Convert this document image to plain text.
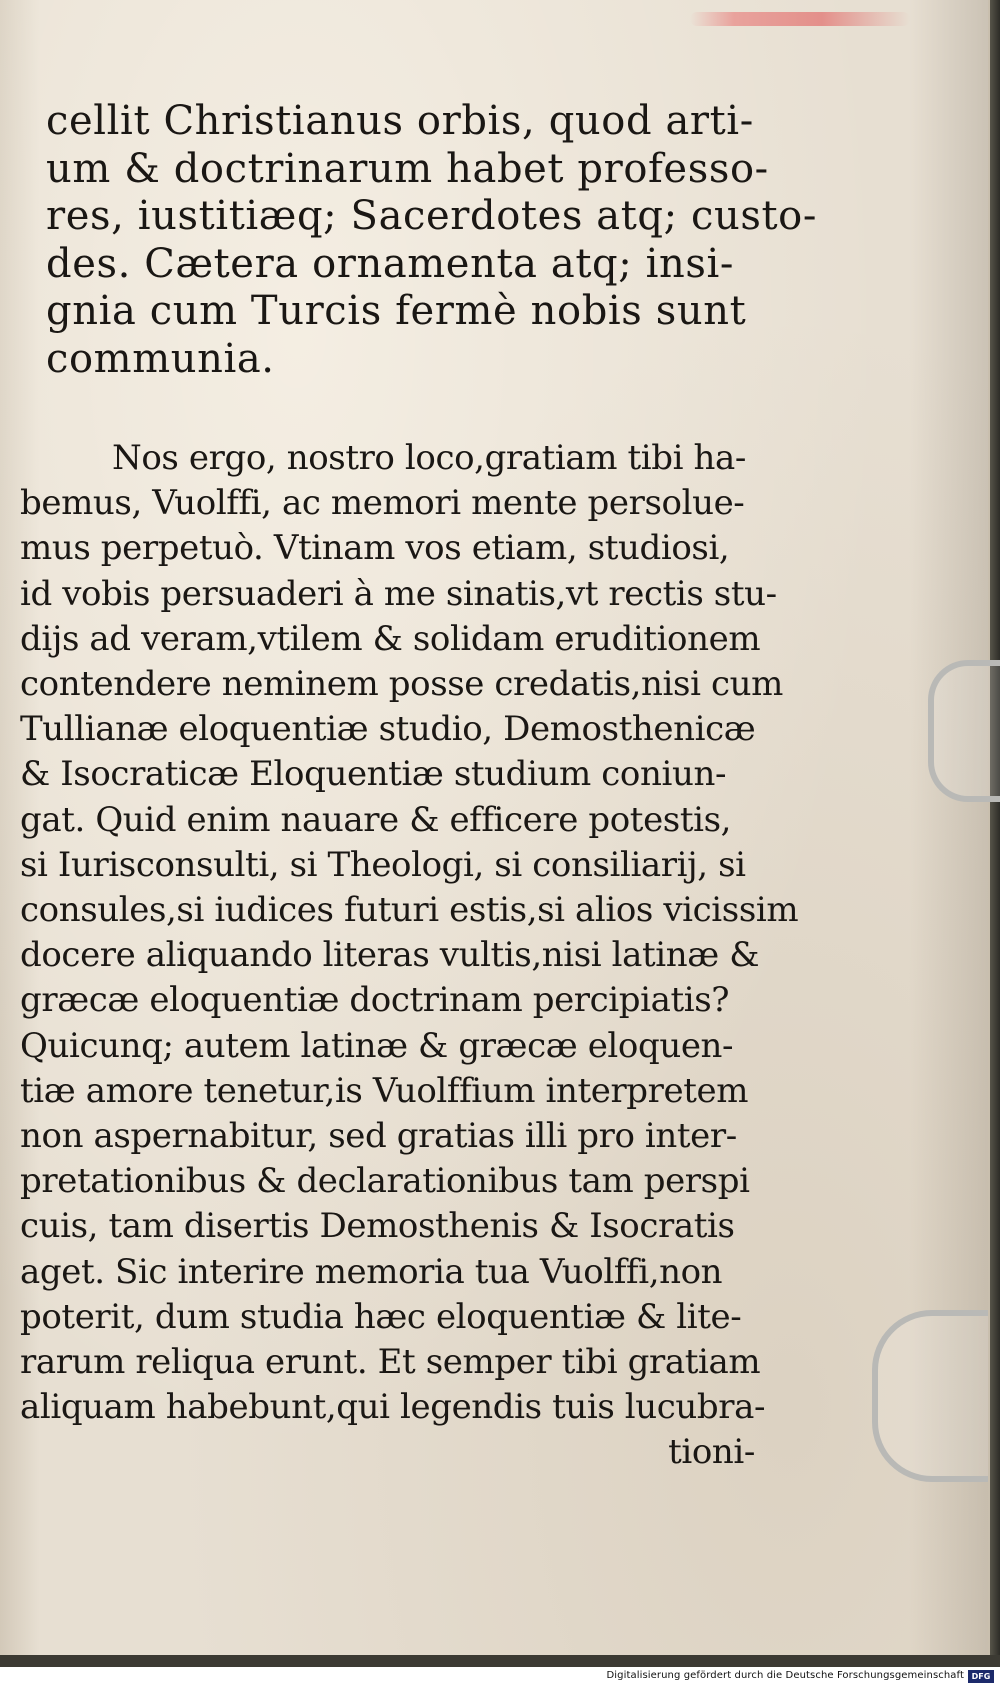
cellit Christianus orbis, quod arti-
um & doctrinarum habet professo-
res, iustitiæq; Sacerdotes atq; custo-
des. Cætera ornamenta atq; insi-
gnia cum Turcis fermè nobis sunt
communia.
Nos ergo, nostro loco,gratiam tibi ha-
bemus, Vuolffi, ac memori mente persolue-
mus perpetuò. Vtinam vos etiam, studiosi,
id vobis persuaderi à me sinatis,vt rectis stu-
dijs ad veram,vtilem & solidam eruditionem
contendere neminem posse credatis,nisi cum
Tullianæ eloquentiæ studio, Demosthenicæ
& Isocraticæ Eloquentiæ studium coniun-
gat. Quid enim nauare & efficere potestis,
si Iurisconsulti, si Theologi, si consiliarij, si
consules,si iudices futuri estis,si alios vicissim
docere aliquando literas vultis,nisi latinæ &
græcæ eloquentiæ doctrinam percipiatis?
Quicunq; autem latinæ & græcæ eloquen-
tiæ amore tenetur,is Vuolffium interpretem
non aspernabitur, sed gratias illi pro inter-
pretationibus & declarationibus tam perspi
cuis, tam disertis Demosthenis & Isocratis
aget. Sic interire memoria tua Vuolffi,non
poterit, dum studia hæc eloquentiæ & lite-
rarum reliqua erunt. Et semper tibi gratiam
aliquam habebunt,qui legendis tuis lucubra-
tioni-
Digitalisierung gefördert durch die Deutsche Forschungsgemeinschaft DFG
